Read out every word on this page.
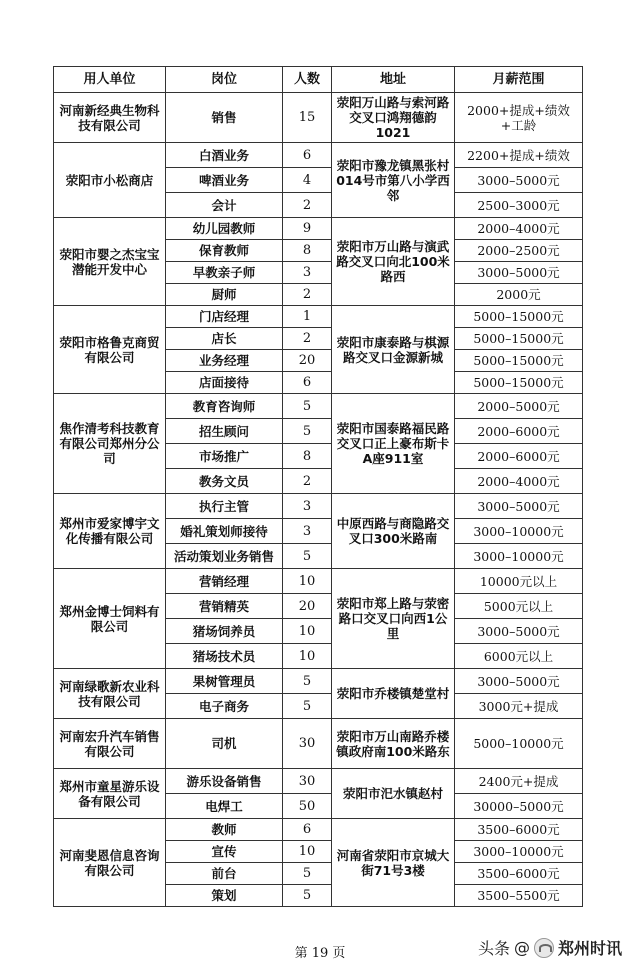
用人单位	岗位	人数	地址	月薪范围
河南新经典生物科技有限公司	销售	15	荥阳万山路与索河路交叉口鸿翔德韵1021	2000+提成+绩效+工龄
荥阳市小松商店	白酒业务	6	荥阳市豫龙镇黑张村014号市第八小学西邻	2200+提成+绩效
	啤酒业务	4		3000–5000元
	会计	2		2500–3000元
荥阳市婴之杰宝宝潜能开发中心	幼儿园教师	9	荥阳市万山路与演武路交叉口向北100米路西	2000–4000元
	保育教师	8		2000–2500元
	早教亲子师	3		3000–5000元
	厨师	2		2000元
荥阳市格鲁克商贸有限公司	门店经理	1	荥阳市康泰路与棋源路交叉口金源新城	5000–15000元
	店长	2		5000–15000元
	业务经理	20		5000–15000元
	店面接待	6		5000–15000元
焦作清考科技教育有限公司郑州分公司	教育咨询师	5	荥阳市国泰路福民路交叉口正上豪布斯卡A座911室	2000–5000元
	招生顾问	5		2000–6000元
	市场推广	8		2000–6000元
	教务文员	2		2000–4000元
郑州市爱家博宇文化传播有限公司	执行主管	3	中原西路与商隐路交叉口300米路南	3000–5000元
	婚礼策划师接待	3		3000–10000元
	活动策划业务销售	5		3000–10000元
郑州金博士饲料有限公司	营销经理	10	荥阳市郑上路与荥密路口交叉口向西1公里	10000元以上
	营销精英	20		5000元以上
	猪场饲养员	10		3000–5000元
	猪场技术员	10		6000元以上
河南绿歌新农业科技有限公司	果树管理员	5	荥阳市乔楼镇楚堂村	3000–5000元
	电子商务	5		3000元+提成
河南宏升汽车销售有限公司	司机	30	荥阳市万山南路乔楼镇政府南100米路东	5000–10000元
郑州市童星游乐设备有限公司	游乐设备销售	30	荥阳市汜水镇赵村	2400元+提成
	电焊工	50		30000–5000元
河南斐恩信息咨询有限公司	教师	6	河南省荥阳市京城大街71号3楼	3500–6000元
	宣传	10		3000–10000元
	前台	5		3500–6000元
	策划	5		3500–5500元
第 19 页	头条 @ 郑州时讯
